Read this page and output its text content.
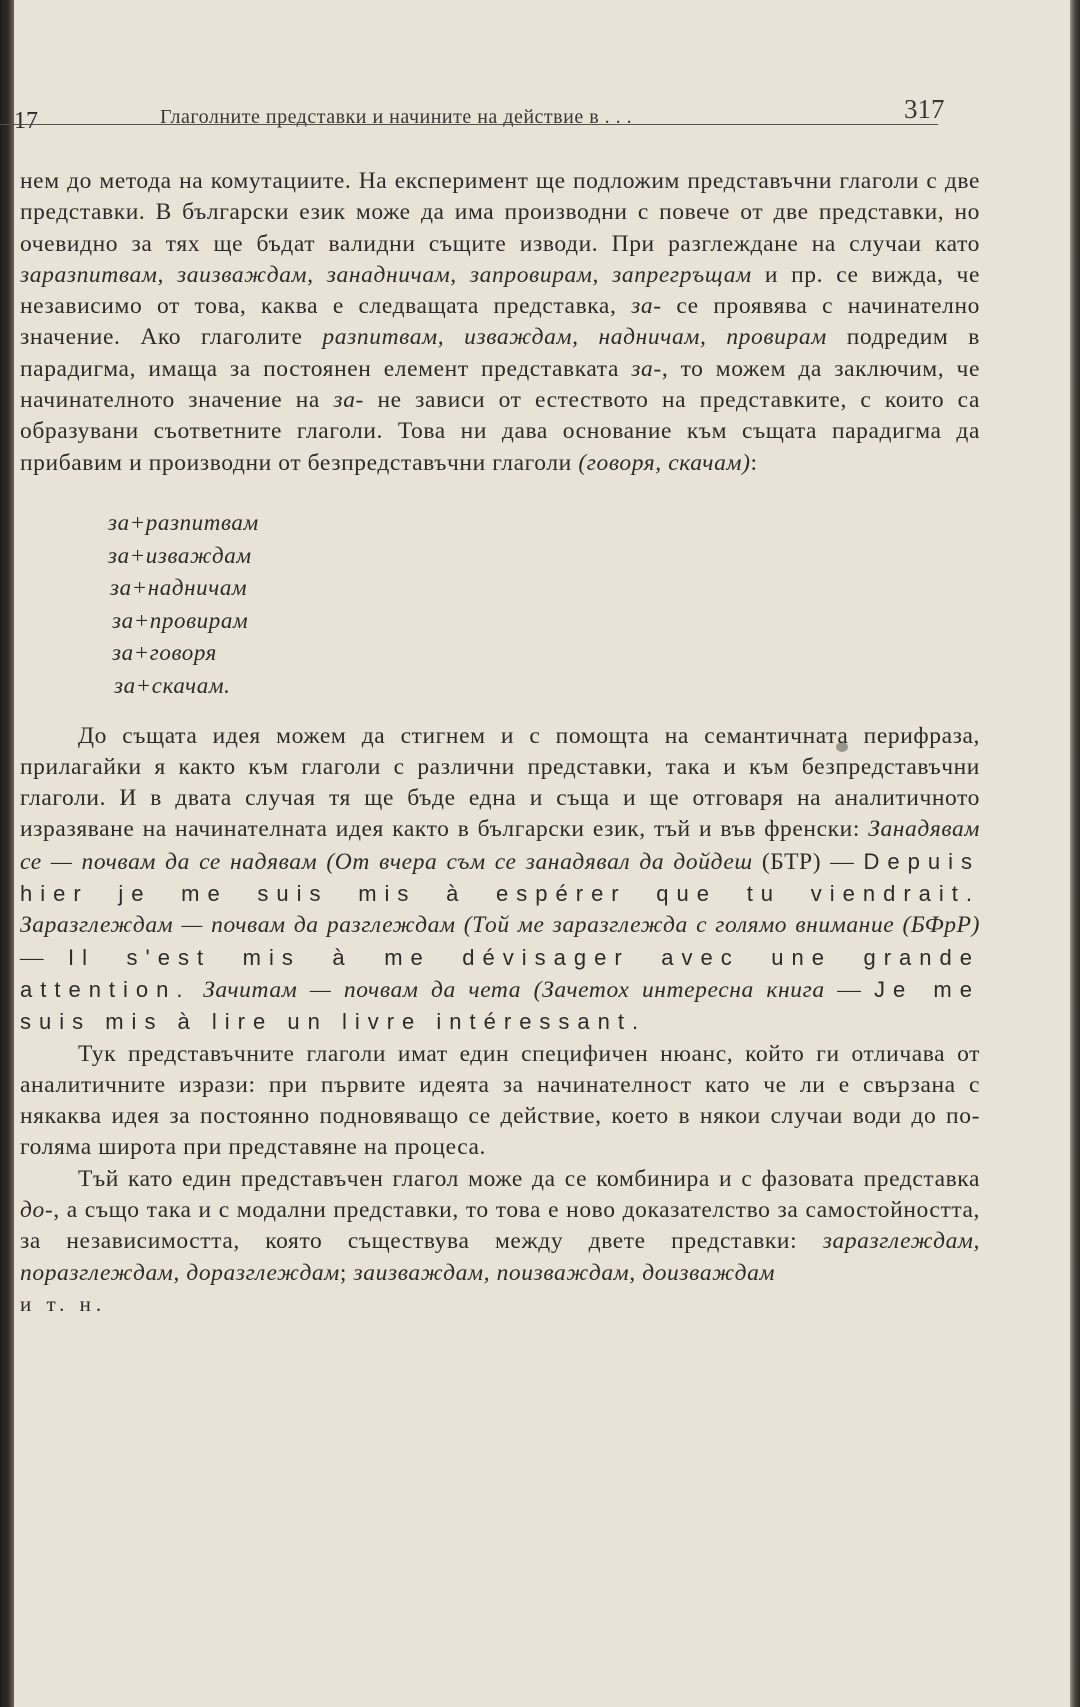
17	Глаголните представки и начините на действие в . . .	317

нем до метода на комутациите. На експеримент ще подложим представъчни глаголи с две представки. В български език може да има производни с повече от две представки, но очевидно за тях ще бъдат валидни същите изводи. При разглеждане на случаи като заразпитвам, заизваждам, занадничам, запровирам, запрегръщам и пр. се вижда, че независимо от това, каква е следващата представка, за- се проявява с начинателно значение. Ако глаголите разпитвам, изваждам, надничам, провирам подредим в парадигма, имаща за постоянен елемент представката за-, то можем да заключим, че начинателното значение на за- не зависи от естеството на представките, с които са образувани съответните глаголи. Това ни дава основание към същата парадигма да прибавим и производни от безпредставъчни глаголи (говоря, скачам):

за+разпитвам
за+изваждам
за+надничам
за+провирам
за+говоря
за+скачам.

До същата идея можем да стигнем и с помощта на семантичната перифраза, прилагайки я както към глаголи с различни представки, така и към безпредставъчни глаголи. И в двата случая тя ще бъде една и съща и ще отговаря на аналитичното изразяване на начинателната идея както в български език, тъй и във френски: Занадявам се — почвам да се надявам (От вчера съм се занадявал да дойдеш (БТР) — Depuis hier je me suis mis à espérer que tu viendrait. Заразглеждам — почвам да разглеждам (Той ме заразглежда с голямо внимание (БФрР) — Il s'est mis à me dévisager avec une grande attention. Зачитам — почвам да чета (Зачетох интересна книга — Je me suis mis à lire un livre intéressant.

Тук представъчните глаголи имат един специфичен нюанс, който ги отличава от аналитичните изрази: при първите идеята за начинателност като че ли е свързана с някаква идея за постоянно подновяващо се действие, което в някои случаи води до по-голяма широта при представяне на процеса.

Тъй като един представъчен глагол може да се комбинира и с фазовата представка до-, а също така и с модални представки, то това е ново доказателство за самостойността, за независимостта, която съществува между двете представки: заразглеждам, поразглеждам, доразглеждам; заизваждам, поизваждам, доизваждам

и т. н.
